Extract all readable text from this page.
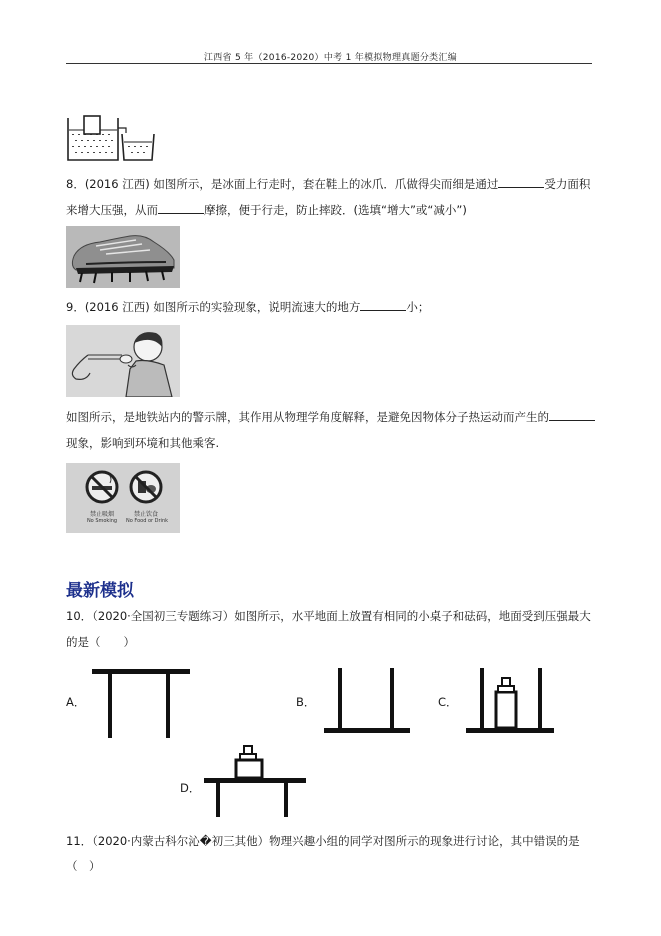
江西省 5 年（2016-2020）中考 1 年模拟物理真题分类汇编
8．(2016 江西) 如图所示，是冰面上行走时，套在鞋上的冰爪．爪做得尖而细是通过	受力面积
来增大压强，从而	摩擦，便于行走，防止摔跤．(选填“增大”或“减小”)
9．(2016 江西) 如图所示的实验现象，说明流速大的地方	小；
如图所示，是地铁站内的警示牌，其作用从物理学角度解释，是避免因物体分子热运动而产生的
现象，影响到环境和其他乘客.
禁止吸烟
No Smoking
禁止饮食
No Food or Drink
最新模拟
10．（2020·全国初三专题练习）如图所示，水平地面上放置有相同的小桌子和砝码，地面受到压强最大
的是（　　）
A．	B．	C．
D．
11．（2020·内蒙古科尔沁�初三其他）物理兴趣小组的同学对图所示的现象进行讨论，其中错误的是
（　）
